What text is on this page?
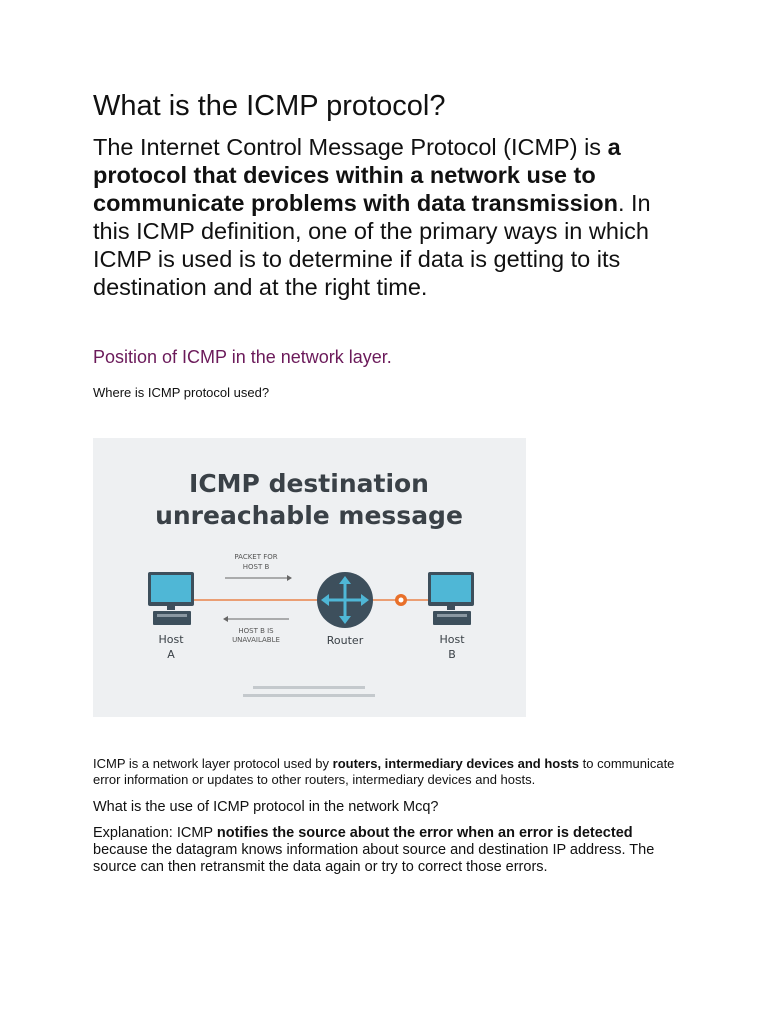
What is the ICMP protocol?

The Internet Control Message Protocol (ICMP) is a protocol that devices within a network use to communicate problems with data transmission. In this ICMP definition, one of the primary ways in which ICMP is used is to determine if data is getting to its destination and at the right time.

Position of ICMP in the network layer.

Where is ICMP protocol used?

ICMP destination
unreachable message
PACKET FOR
HOST B
HOST B IS
UNAVAILABLE
Host
A
Router	Host
B

ICMP is a network layer protocol used by routers, intermediary devices and hosts to communicate error information or updates to other routers, intermediary devices and hosts.

What is the use of ICMP protocol in the network Mcq?

Explanation: ICMP notifies the source about the error when an error is detected because the datagram knows information about source and destination IP address. The source can then retransmit the data again or try to correct those errors.
